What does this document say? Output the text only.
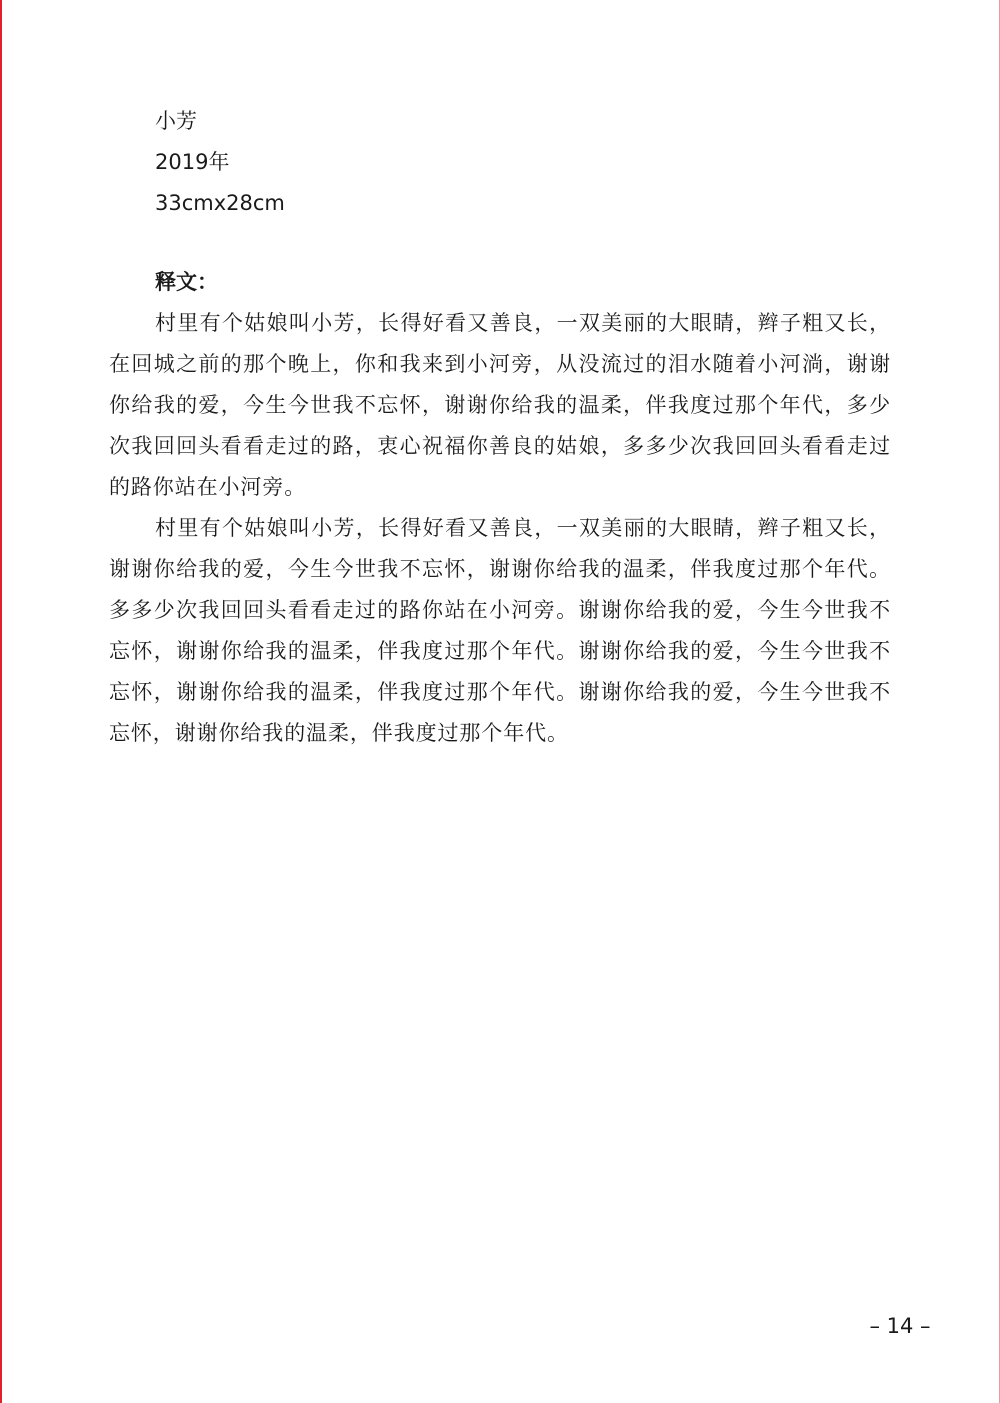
小芳
2019年
33cmx28cm

释文：

村里有个姑娘叫小芳，长得好看又善良，一双美丽的大眼睛，辫子粗又长，在回城之前的那个晚上，你和我来到小河旁，从没流过的泪水随着小河淌，谢谢你给我的爱，今生今世我不忘怀，谢谢你给我的温柔，伴我度过那个年代，多少次我回回头看看走过的路，衷心祝福你善良的姑娘，多多少次我回回头看看走过的路你站在小河旁。

村里有个姑娘叫小芳，长得好看又善良，一双美丽的大眼睛，辫子粗又长，谢谢你给我的爱，今生今世我不忘怀，谢谢你给我的温柔，伴我度过那个年代。多多少次我回回头看看走过的路你站在小河旁。谢谢你给我的爱，今生今世我不忘怀，谢谢你给我的温柔，伴我度过那个年代。谢谢你给我的爱，今生今世我不忘怀，谢谢你给我的温柔，伴我度过那个年代。谢谢你给我的爱，今生今世我不忘怀，谢谢你给我的温柔，伴我度过那个年代。

– 14 –
